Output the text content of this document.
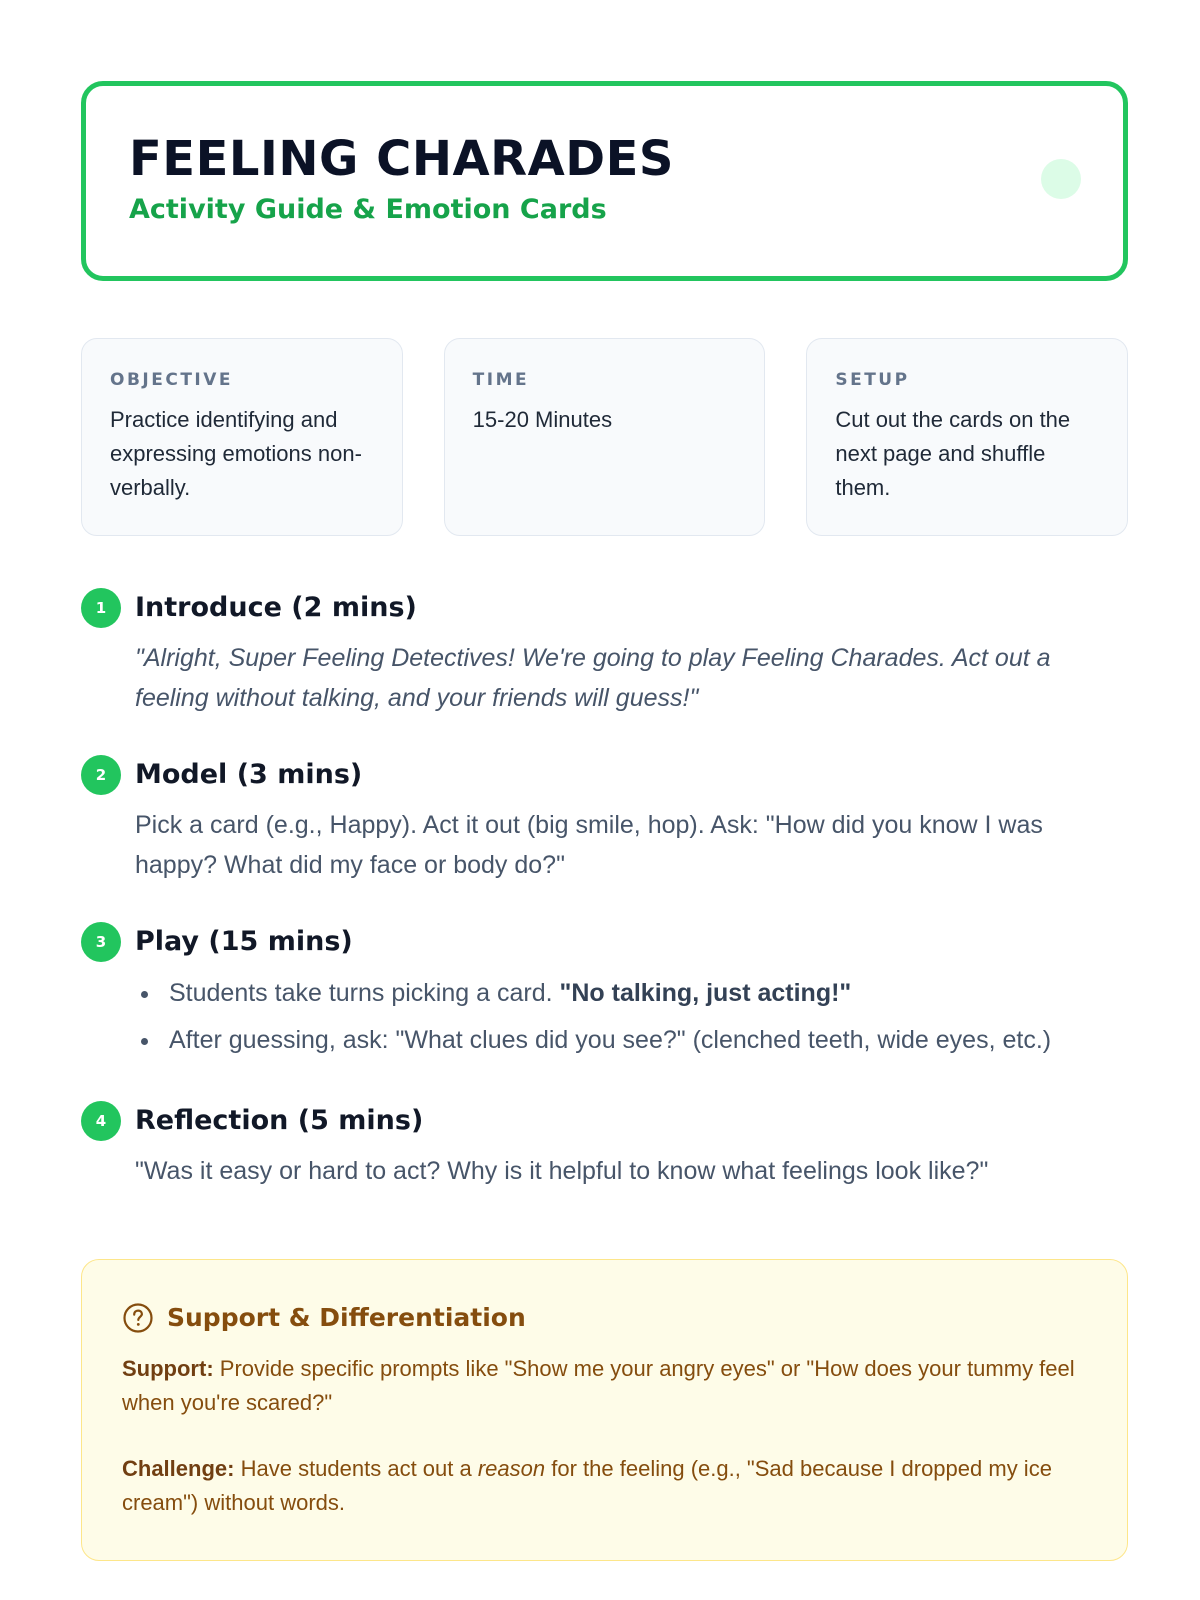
FEELING CHARADES
Activity Guide & Emotion Cards
OBJECTIVE
Practice identifying and expressing emotions non-verbally.
TIME
15-20 Minutes
SETUP
Cut out the cards on the next page and shuffle them.
1	Introduce (2 mins)
"Alright, Super Feeling Detectives! We're going to play Feeling Charades. Act out a feeling without talking, and your friends will guess!"
2	Model (3 mins)
Pick a card (e.g., Happy). Act it out (big smile, hop). Ask: "How did you know I was happy? What did my face or body do?"
3	Play (15 mins)
Students take turns picking a card. "No talking, just acting!"
After guessing, ask: "What clues did you see?" (clenched teeth, wide eyes, etc.)
4	Reflection (5 mins)
"Was it easy or hard to act? Why is it helpful to know what feelings look like?"
Support & Differentiation
Support: Provide specific prompts like "Show me your angry eyes" or "How does your tummy feel when you're scared?"
Challenge: Have students act out a reason for the feeling (e.g., "Sad because I dropped my ice cream") without words.
